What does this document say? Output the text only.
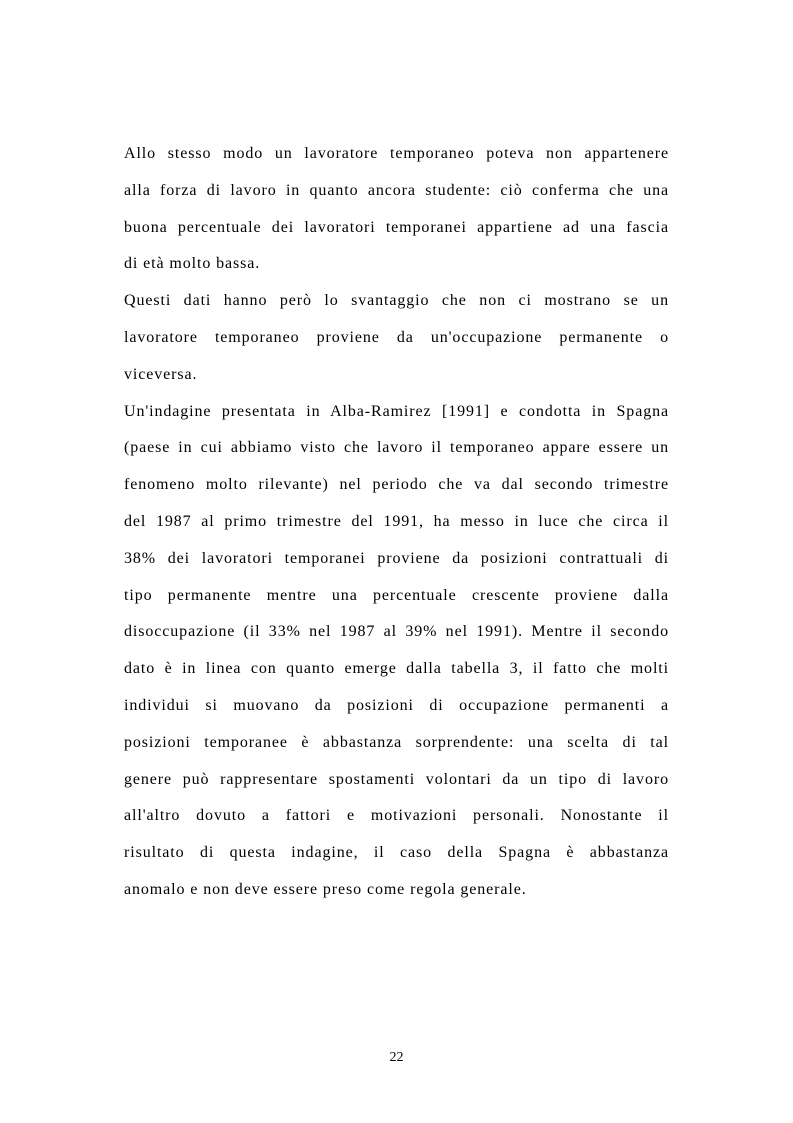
Allo stesso modo un lavoratore temporaneo poteva non appartenere
alla forza di lavoro in quanto ancora studente: ciò conferma che una
buona percentuale dei lavoratori temporanei appartiene ad una fascia
di età molto bassa.
Questi dati hanno però lo svantaggio che non ci mostrano se un
lavoratore temporaneo proviene da un'occupazione permanente o
viceversa.
Un'indagine presentata in Alba-Ramirez [1991] e condotta in Spagna
(paese in cui abbiamo visto che lavoro il temporaneo appare essere un
fenomeno molto rilevante) nel periodo che va dal secondo trimestre
del 1987 al primo trimestre del 1991, ha messo in luce che circa il
38% dei lavoratori temporanei proviene da posizioni contrattuali di
tipo permanente mentre una percentuale crescente proviene dalla
disoccupazione (il 33% nel 1987 al 39% nel 1991). Mentre il secondo
dato è in linea con quanto emerge dalla tabella 3, il fatto che molti
individui si muovano da posizioni di occupazione permanenti a
posizioni temporanee è abbastanza sorprendente: una scelta di tal
genere può rappresentare spostamenti volontari da un tipo di lavoro
all'altro dovuto a fattori e motivazioni personali. Nonostante il
risultato di questa indagine, il caso della Spagna è abbastanza
anomalo e non deve essere preso come regola generale.
22
